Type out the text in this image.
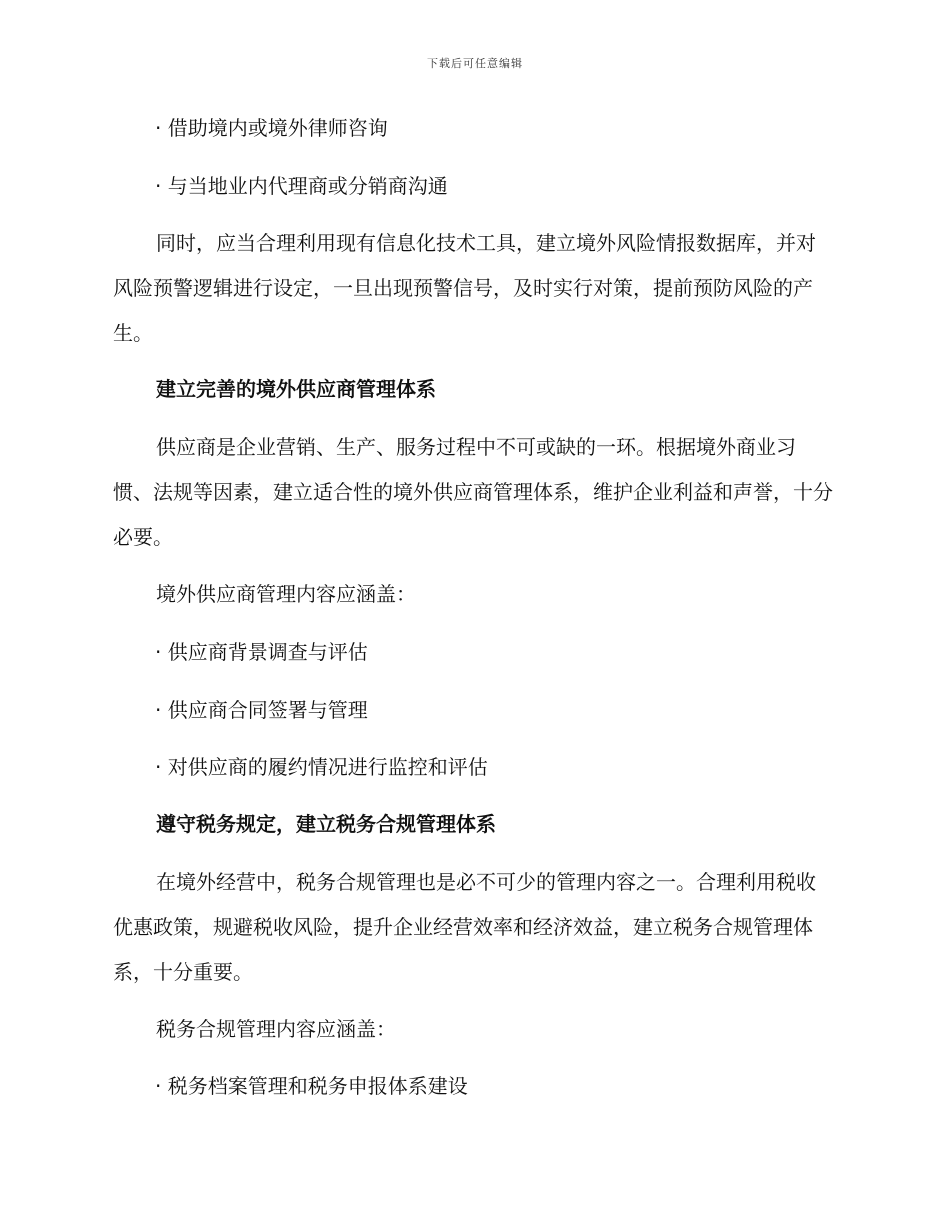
下载后可任意编辑

· 借助境内或境外律师咨询

· 与当地业内代理商或分销商沟通

同时，应当合理利用现有信息化技术工具，建立境外风险情报数据库，并对风险预警逻辑进行设定，一旦出现预警信号，及时实行对策，提前预防风险的产生。

建立完善的境外供应商管理体系

供应商是企业营销、生产、服务过程中不可或缺的一环。根据境外商业习惯、法规等因素，建立适合性的境外供应商管理体系，维护企业利益和声誉，十分必要。

境外供应商管理内容应涵盖：

· 供应商背景调查与评估

· 供应商合同签署与管理

· 对供应商的履约情况进行监控和评估

遵守税务规定，建立税务合规管理体系

在境外经营中，税务合规管理也是必不可少的管理内容之一。合理利用税收优惠政策，规避税收风险，提升企业经营效率和经济效益，建立税务合规管理体系，十分重要。

税务合规管理内容应涵盖：

· 税务档案管理和税务申报体系建设
